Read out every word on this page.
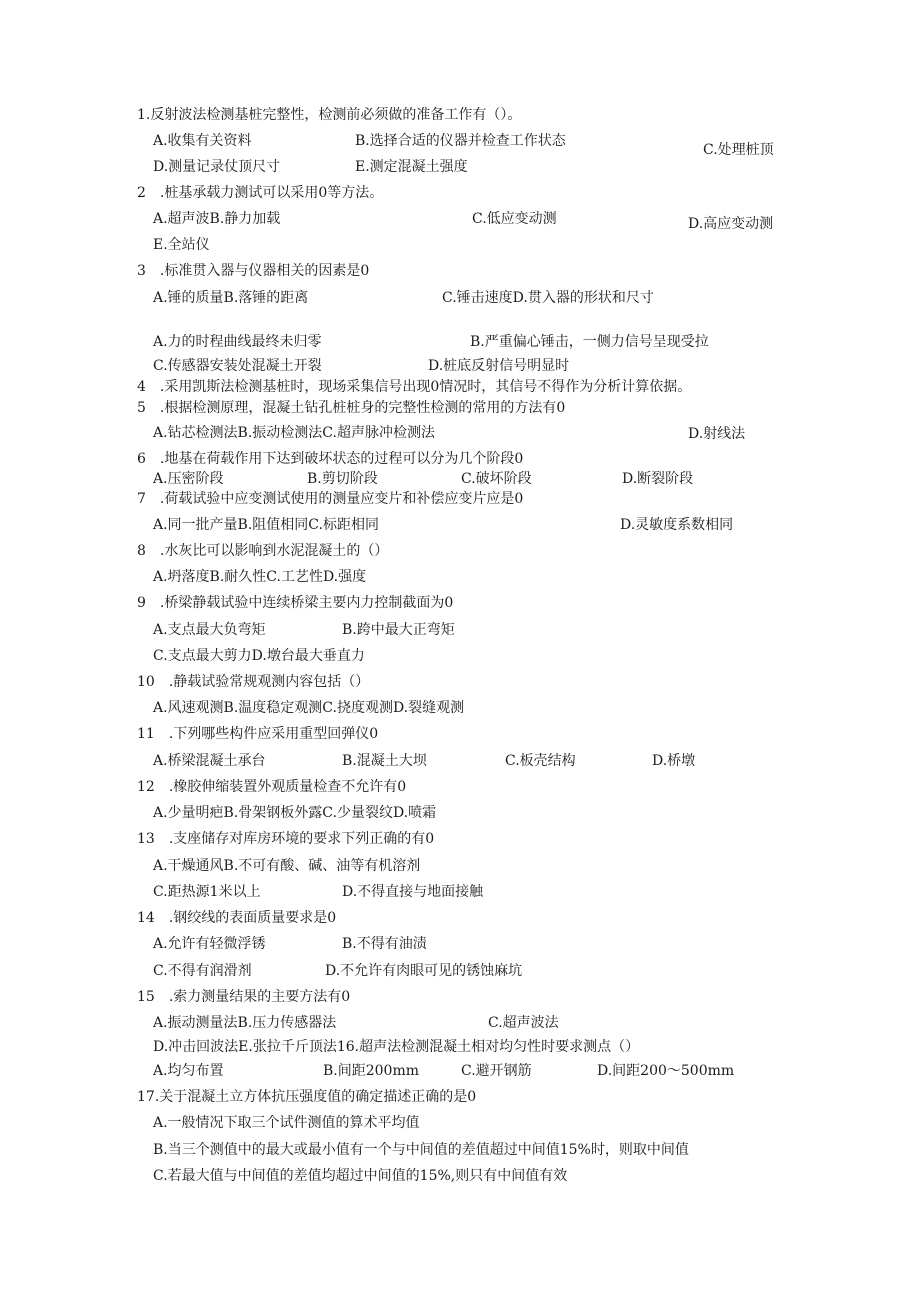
1.反射波法检测基桩完整性，检测前必须做的准备工作有（）。
A.收集有关资料	B.选择合适的仪器并检查工作状态
C.处理桩顶
D.测量记录仗顶尺寸	E.测定混凝土强度
2　.桩基承载力测试可以采用0等方法。
A.超声波B.静力加载	C.低应变动测	D.高应变动测
E.全站仪
3　.标准贯入器与仪器相关的因素是0
A.锤的质量B.落锤的距离	C.锤击速度D.贯入器的形状和尺寸
A.力的时程曲线最终未归零	B.严重偏心锤击，一侧力信号呈现受拉
C.传感器安装处混凝土开裂	D.桩底反射信号明显时
4　.采用凯斯法检测基桩时，现场采集信号出现0情况时，其信号不得作为分析计算依据。
5　.根据检测原理，混凝土钻孔桩桩身的完整性检测的常用的方法有0
A.钻芯检测法B.振动检测法C.超声脉冲检测法	D.射线法
6　.地基在荷载作用下达到破坏状态的过程可以分为几个阶段0
A.压密阶段	B.剪切阶段	C.破坏阶段	D.断裂阶段
7　.荷载试验中应变测试使用的测量应变片和补偿应变片应是0
A.同一批产量B.阻值相同C.标距相同	D.灵敏度系数相同
8　.水灰比可以影响到水泥混凝土的（）
A.坍落度B.耐久性C.工艺性D.强度
9　.桥梁静载试验中连续桥梁主要内力控制截面为0
A.支点最大负弯矩	B.跨中最大正弯矩
C.支点最大剪力D.墩台最大垂直力
10　.静载试验常规观测内容包括（）
A.风速观测B.温度稳定观测C.挠度观测D.裂缝观测
11　.下列哪些构件应采用重型回弹仪0
A.桥梁混凝土承台	B.混凝土大坝	C.板壳结构	D.桥墩
12　.橡胶伸缩装置外观质量检查不允许有0
A.少量明疤B.骨架钢板外露C.少量裂纹D.喷霜
13　.支座储存对库房环境的要求下列正确的有0
A.干燥通风B.不可有酸、碱、油等有机溶剂
C.距热源1米以上	D.不得直接与地面接触
14　.钢绞线的表面质量要求是0
A.允许有轻微浮锈	B.不得有油渍
C.不得有润滑剂	D.不允许有肉眼可见的锈蚀麻坑
15　.索力测量结果的主要方法有0
A.振动测量法B.压力传感器法	C.超声波法
D.冲击回波法E.张拉千斤顶法16.超声法检测混凝土相对均匀性时要求测点（）
A.均匀布置	B.间距200mm	C.避开钢筋	D.间距200～500mm
17.关于混凝土立方体抗压强度值的确定描述正确的是0
A.一般情况下取三个试件测值的算术平均值
B.当三个测值中的最大或最小值有一个与中间值的差值超过中间值15%时，则取中间值
C.若最大值与中间值的差值均超过中间值的15%,则只有中间值有效
